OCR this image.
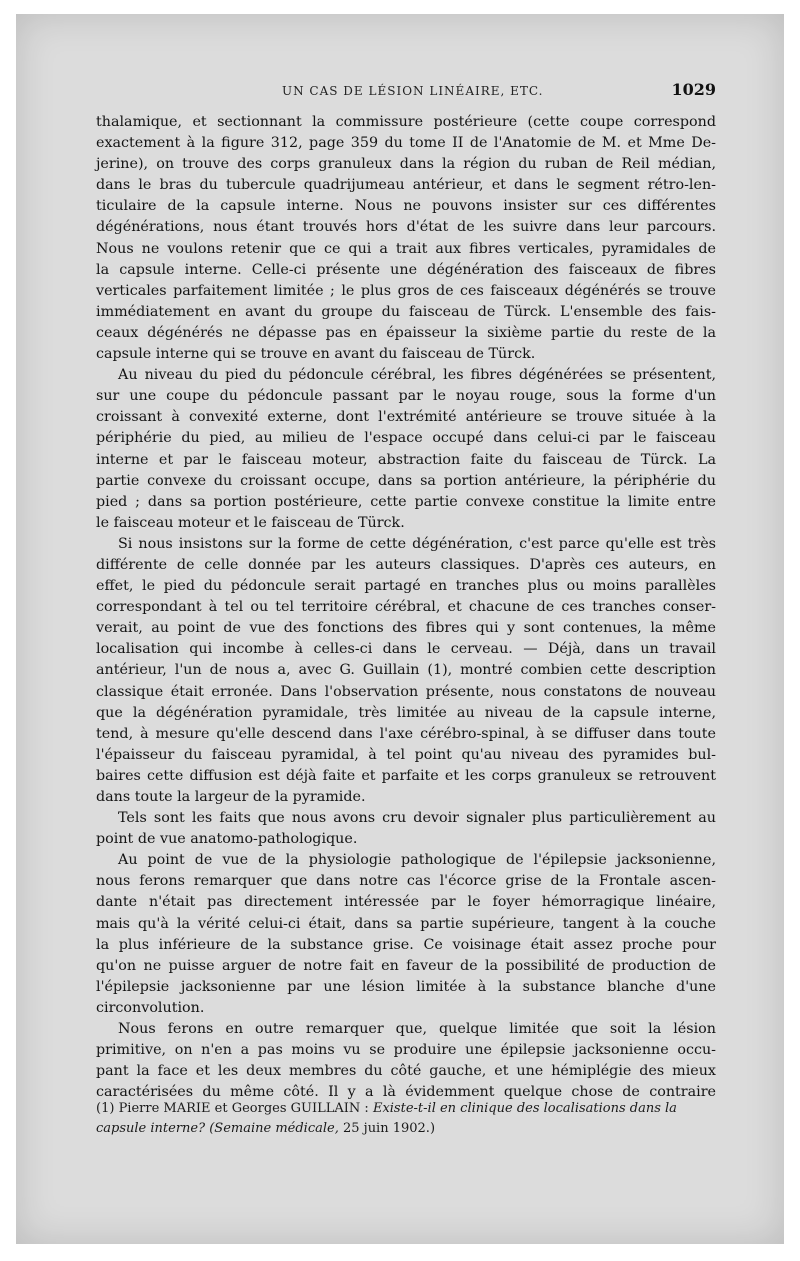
UN CAS DE LÉSION LINÉAIRE, ETC.	1029
thalamique, et sectionnant la commissure postérieure (cette coupe correspond
exactement à la figure 312, page 359 du tome II de l'Anatomie de M. et Mme De-
jerine), on trouve des corps granuleux dans la région du ruban de Reil médian,
dans le bras du tubercule quadrijumeau antérieur, et dans le segment rétro-len-
ticulaire de la capsule interne. Nous ne pouvons insister sur ces différentes
dégénérations, nous étant trouvés hors d'état de les suivre dans leur parcours.
Nous ne voulons retenir que ce qui a trait aux fibres verticales, pyramidales de
la capsule interne. Celle-ci présente une dégénération des faisceaux de fibres
verticales parfaitement limitée ; le plus gros de ces faisceaux dégénérés se trouve
immédiatement en avant du groupe du faisceau de Türck. L'ensemble des fais-
ceaux dégénérés ne dépasse pas en épaisseur la sixième partie du reste de la
capsule interne qui se trouve en avant du faisceau de Türck.
Au niveau du pied du pédoncule cérébral, les fibres dégénérées se présentent,
sur une coupe du pédoncule passant par le noyau rouge, sous la forme d'un
croissant à convexité externe, dont l'extrémité antérieure se trouve située à la
périphérie du pied, au milieu de l'espace occupé dans celui-ci par le faisceau
interne et par le faisceau moteur, abstraction faite du faisceau de Türck. La
partie convexe du croissant occupe, dans sa portion antérieure, la périphérie du
pied ; dans sa portion postérieure, cette partie convexe constitue la limite entre
le faisceau moteur et le faisceau de Türck.
Si nous insistons sur la forme de cette dégénération, c'est parce qu'elle est très
différente de celle donnée par les auteurs classiques. D'après ces auteurs, en
effet, le pied du pédoncule serait partagé en tranches plus ou moins parallèles
correspondant à tel ou tel territoire cérébral, et chacune de ces tranches conser-
verait, au point de vue des fonctions des fibres qui y sont contenues, la même
localisation qui incombe à celles-ci dans le cerveau. — Déjà, dans un travail
antérieur, l'un de nous a, avec G. Guillain (1), montré combien cette description
classique était erronée. Dans l'observation présente, nous constatons de nouveau
que la dégénération pyramidale, très limitée au niveau de la capsule interne,
tend, à mesure qu'elle descend dans l'axe cérébro-spinal, à se diffuser dans toute
l'épaisseur du faisceau pyramidal, à tel point qu'au niveau des pyramides bul-
baires cette diffusion est déjà faite et parfaite et les corps granuleux se retrouvent
dans toute la largeur de la pyramide.
Tels sont les faits que nous avons cru devoir signaler plus particulièrement au
point de vue anatomo-pathologique.
Au point de vue de la physiologie pathologique de l'épilepsie jacksonienne,
nous ferons remarquer que dans notre cas l'écorce grise de la Frontale ascen-
dante n'était pas directement intéressée par le foyer hémorragique linéaire,
mais qu'à la vérité celui-ci était, dans sa partie supérieure, tangent à la couche
la plus inférieure de la substance grise. Ce voisinage était assez proche pour
qu'on ne puisse arguer de notre fait en faveur de la possibilité de production de
l'épilepsie jacksonienne par une lésion limitée à la substance blanche d'une
circonvolution.
Nous ferons en outre remarquer que, quelque limitée que soit la lésion
primitive, on n'en a pas moins vu se produire une épilepsie jacksonienne occu-
pant la face et les deux membres du côté gauche, et une hémiplégie des mieux
caractérisées du même côté. Il y a là évidemment quelque chose de contraire
(1) Pierre MARIE et Georges GUILLAIN : Existe-t-il en clinique des localisations dans la capsule interne? (Semaine médicale, 25 juin 1902.)
